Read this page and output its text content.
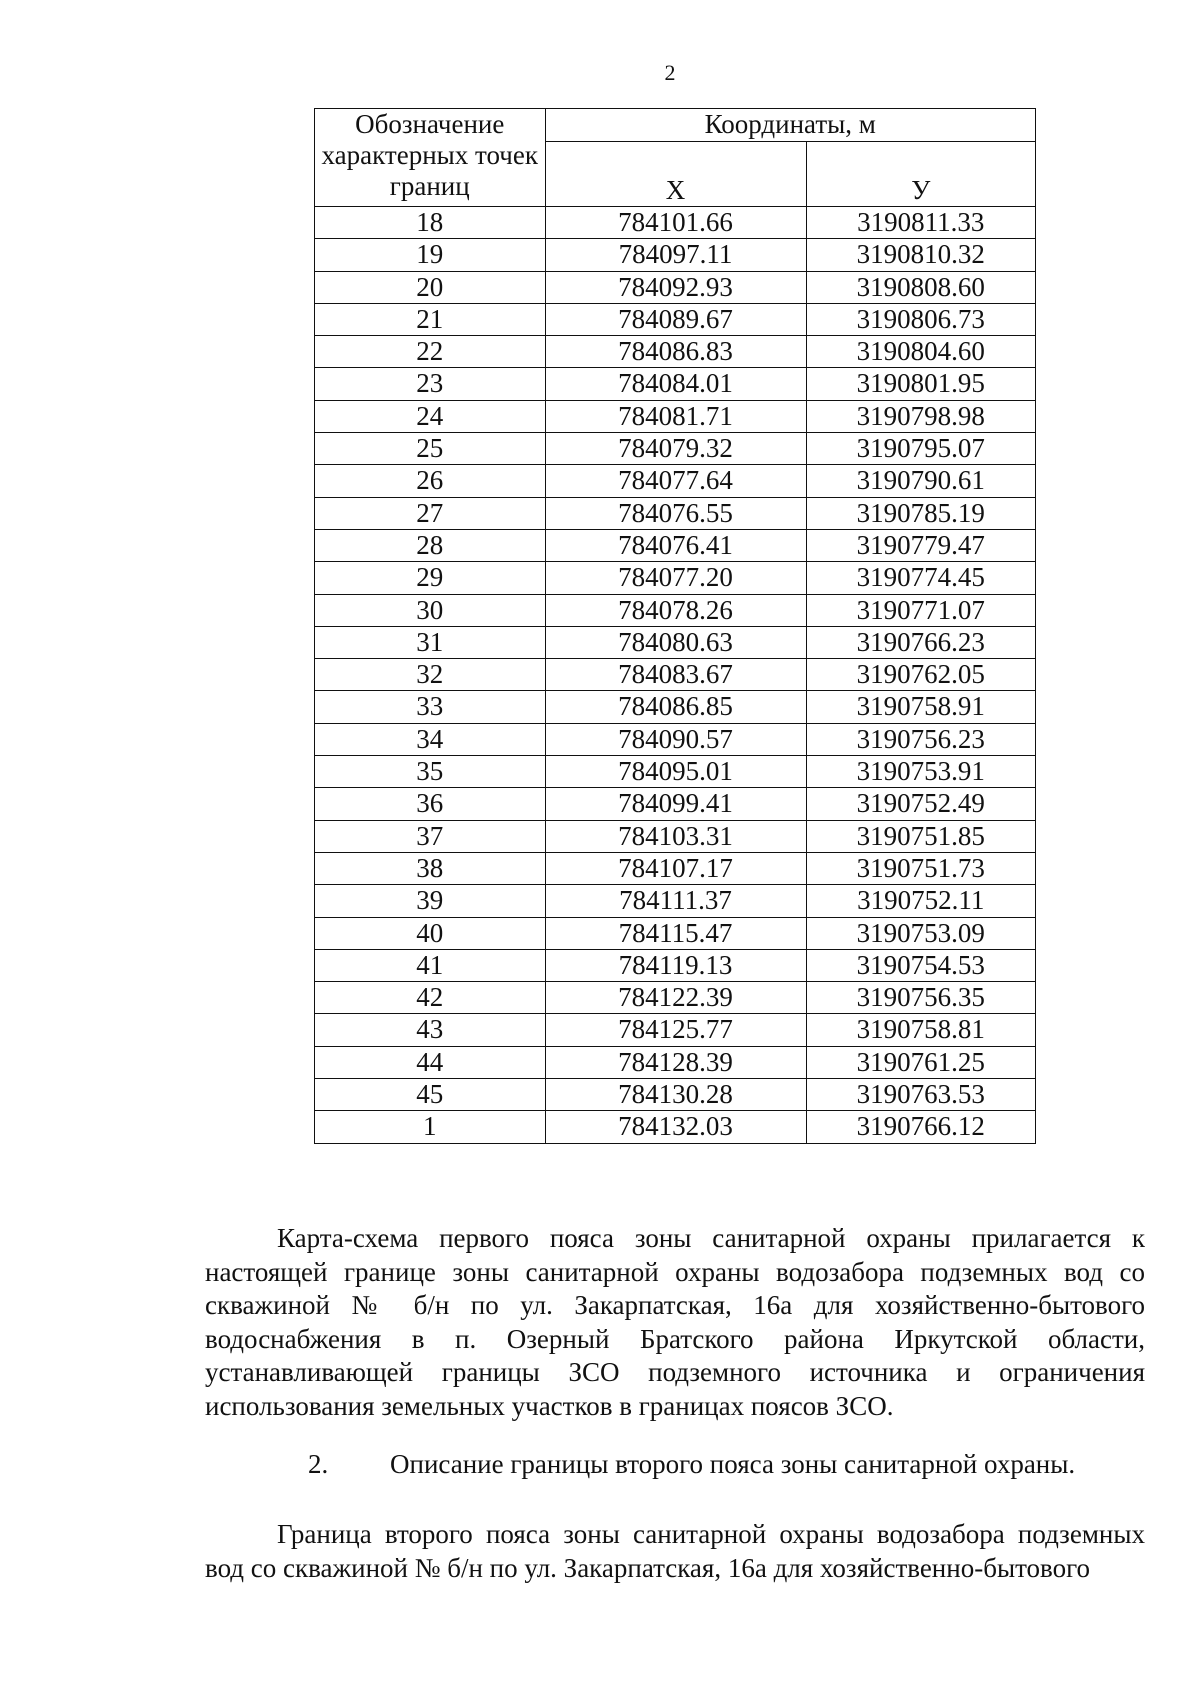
2
Обозначение характерных точек границ	Координаты, м	
	Х	У
18	784101.66	3190811.33
19	784097.11	3190810.32
20	784092.93	3190808.60
21	784089.67	3190806.73
22	784086.83	3190804.60
23	784084.01	3190801.95
24	784081.71	3190798.98
25	784079.32	3190795.07
26	784077.64	3190790.61
27	784076.55	3190785.19
28	784076.41	3190779.47
29	784077.20	3190774.45
30	784078.26	3190771.07
31	784080.63	3190766.23
32	784083.67	3190762.05
33	784086.85	3190758.91
34	784090.57	3190756.23
35	784095.01	3190753.91
36	784099.41	3190752.49
37	784103.31	3190751.85
38	784107.17	3190751.73
39	784111.37	3190752.11
40	784115.47	3190753.09
41	784119.13	3190754.53
42	784122.39	3190756.35
43	784125.77	3190758.81
44	784128.39	3190761.25
45	784130.28	3190763.53
1	784132.03	3190766.12

Карта-схема первого пояса зоны санитарной охраны прилагается к настоящей границе зоны санитарной охраны водозабора подземных вод со скважиной № б/н по ул. Закарпатская, 16а для хозяйственно-бытового водоснабжения в п. Озерный Братского района Иркутской области, устанавливающей границы ЗСО подземного источника и ограничения использования земельных участков в границах поясов ЗСО.

2. Описание границы второго пояса зоны санитарной охраны.

Граница второго пояса зоны санитарной охраны водозабора подземных вод со скважиной № б/н по ул. Закарпатская, 16а для хозяйственно-бытового
